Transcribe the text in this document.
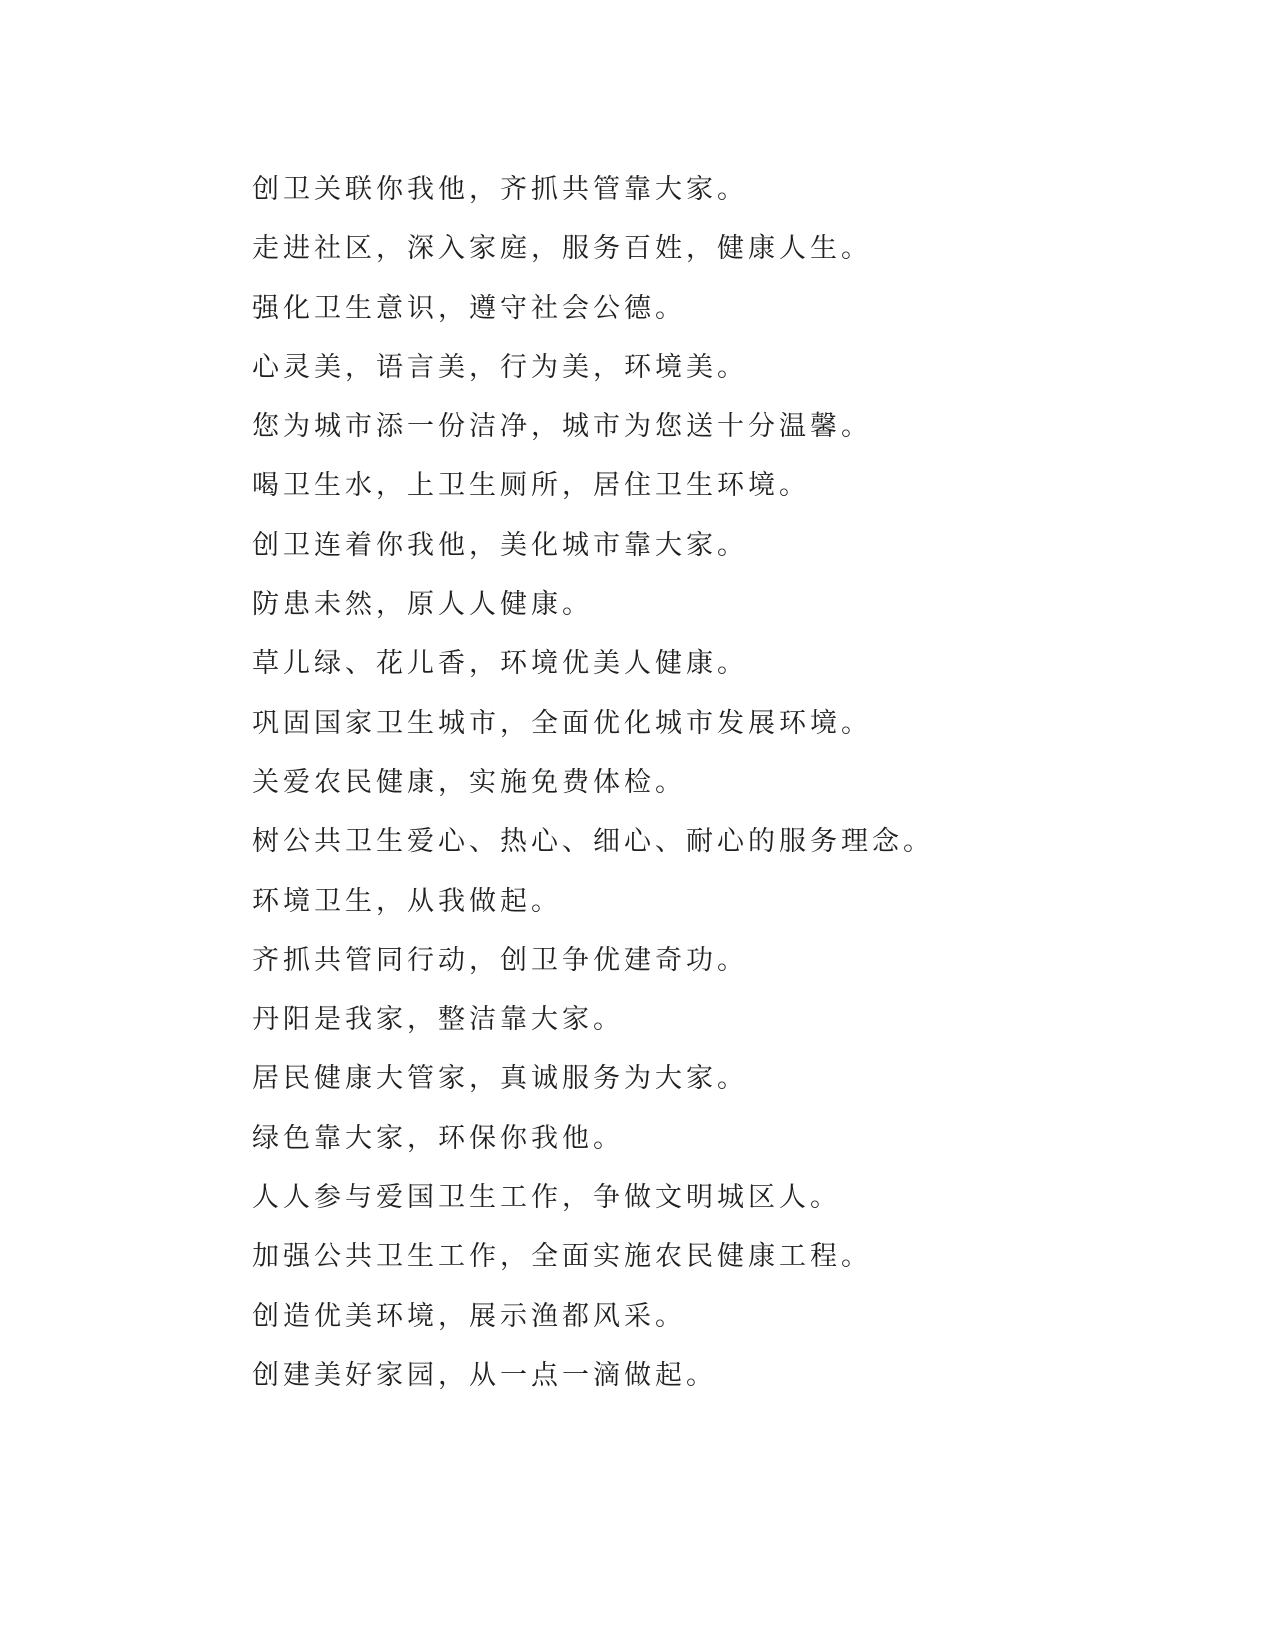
创卫关联你我他，齐抓共管靠大家。
走进社区，深入家庭，服务百姓，健康人生。
强化卫生意识，遵守社会公德。
心灵美，语言美，行为美，环境美。
您为城市添一份洁净，城市为您送十分温馨。
喝卫生水，上卫生厕所，居住卫生环境。
创卫连着你我他，美化城市靠大家。
防患未然，原人人健康。
草儿绿、花儿香，环境优美人健康。
巩固国家卫生城市，全面优化城市发展环境。
关爱农民健康，实施免费体检。
树公共卫生爱心、热心、细心、耐心的服务理念。
环境卫生，从我做起。
齐抓共管同行动，创卫争优建奇功。
丹阳是我家，整洁靠大家。
居民健康大管家，真诚服务为大家。
绿色靠大家，环保你我他。
人人参与爱国卫生工作，争做文明城区人。
加强公共卫生工作，全面实施农民健康工程。
创造优美环境，展示渔都风采。
创建美好家园，从一点一滴做起。
